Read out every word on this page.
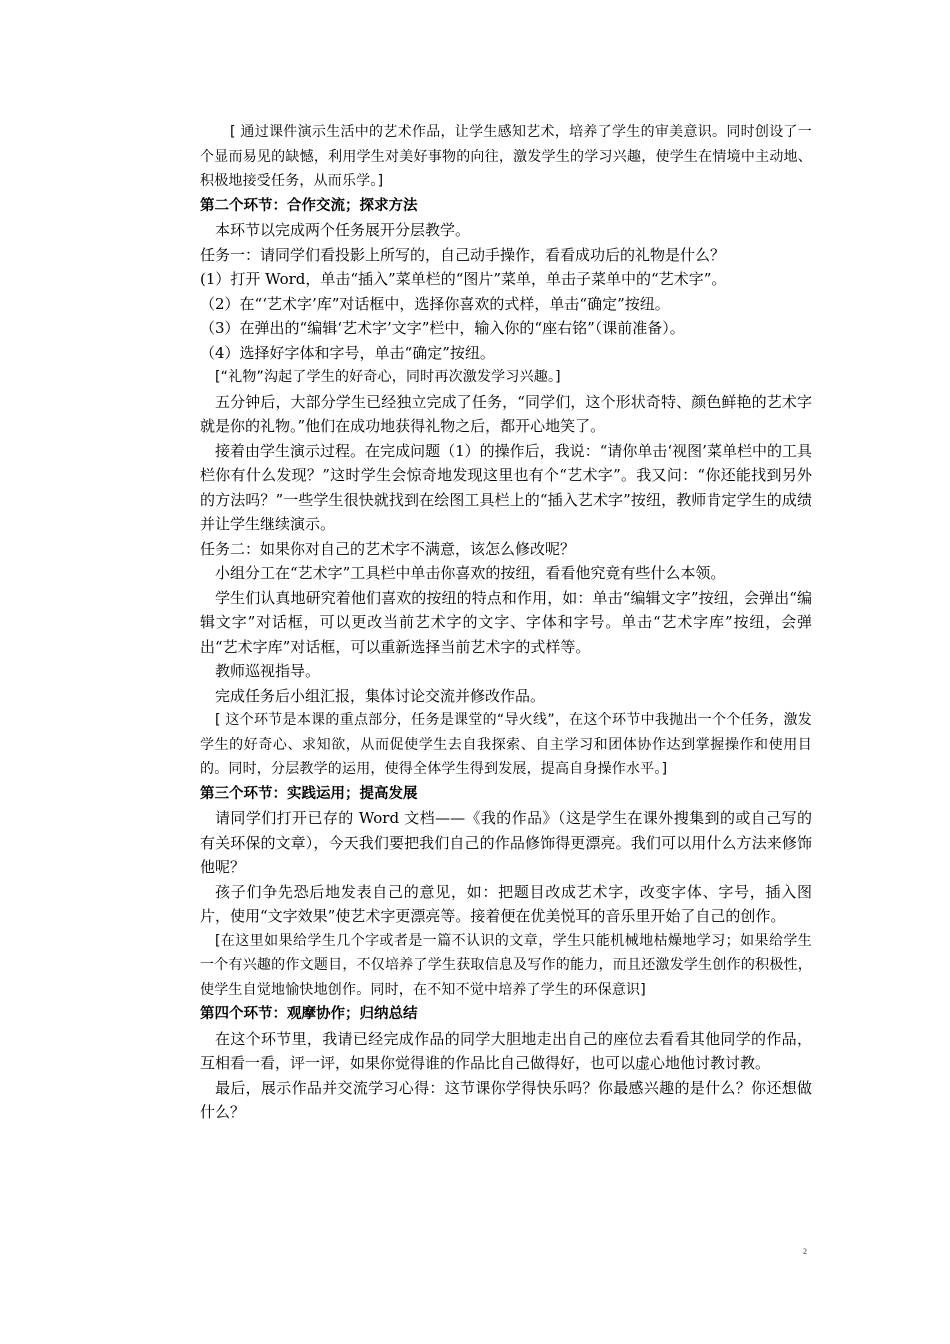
[ 通过课件演示生活中的艺术作品，让学生感知艺术，培养了学生的审美意识。同时创设了一个显而易见的缺憾，利用学生对美好事物的向往，激发学生的学习兴趣，使学生在情境中主动地、积极地接受任务，从而乐学。]

第二个环节：合作交流；探求方法

本环节以完成两个任务展开分层教学。

任务一：请同学们看投影上所写的，自己动手操作，看看成功后的礼物是什么？

(1）打开 Word，单击“插入”菜单栏的“图片”菜单，单击子菜单中的“艺术字”。

（2）在“‘艺术字’库”对话框中，选择你喜欢的式样，单击“确定”按纽。

（3）在弹出的“编辑‘艺术字’文字”栏中，输入你的“座右铭”（课前准备）。

（4）选择好字体和字号，单击“确定”按纽。

[“礼物”沟起了学生的好奇心，同时再次激发学习兴趣。]

五分钟后，大部分学生已经独立完成了任务，“同学们，这个形状奇特、颜色鲜艳的艺术字就是你的礼物。”他们在成功地获得礼物之后，都开心地笑了。

接着由学生演示过程。在完成问题（1）的操作后，我说：“请你单击‘视图’菜单栏中的工具栏你有什么发现？”这时学生会惊奇地发现这里也有个“艺术字”。我又问：“你还能找到另外的方法吗？”一些学生很快就找到在绘图工具栏上的“插入艺术字”按纽，教师肯定学生的成绩并让学生继续演示。

任务二：如果你对自己的艺术字不满意，该怎么修改呢？

小组分工在“艺术字”工具栏中单击你喜欢的按纽，看看他究竟有些什么本领。

学生们认真地研究着他们喜欢的按纽的特点和作用，如：单击“编辑文字”按纽，会弹出“编辑文字”对话框，可以更改当前艺术字的文字、字体和字号。单击“艺术字库”按纽，会弹出“艺术字库”对话框，可以重新选择当前艺术字的式样等。

教师巡视指导。

完成任务后小组汇报，集体讨论交流并修改作品。

[ 这个环节是本课的重点部分，任务是课堂的“导火线”，在这个环节中我抛出一个个任务，激发学生的好奇心、求知欲，从而促使学生去自我探索、自主学习和团体协作达到掌握操作和使用目的。同时，分层教学的运用，使得全体学生得到发展，提高自身操作水平。]

第三个环节：实践运用；提高发展

请同学们打开已存的 Word 文档——《我的作品》（这是学生在课外搜集到的或自己写的有关环保的文章），今天我们要把我们自己的作品修饰得更漂亮。我们可以用什么方法来修饰他呢？

孩子们争先恐后地发表自己的意见，如：把题目改成艺术字，改变字体、字号，插入图片，使用“文字效果”使艺术字更漂亮等。接着便在优美悦耳的音乐里开始了自己的创作。

[在这里如果给学生几个字或者是一篇不认识的文章，学生只能机械地枯燥地学习；如果给学生一个有兴趣的作文题目，不仅培养了学生获取信息及写作的能力，而且还激发学生创作的积极性，使学生自觉地愉快地创作。同时，在不知不觉中培养了学生的环保意识]

第四个环节：观摩协作；归纳总结

在这个环节里，我请已经完成作品的同学大胆地走出自己的座位去看看其他同学的作品，互相看一看，评一评，如果你觉得谁的作品比自己做得好，也可以虚心地他讨教讨教。

最后，展示作品并交流学习心得：这节课你学得快乐吗？你最感兴趣的是什么？你还想做什么？

2
